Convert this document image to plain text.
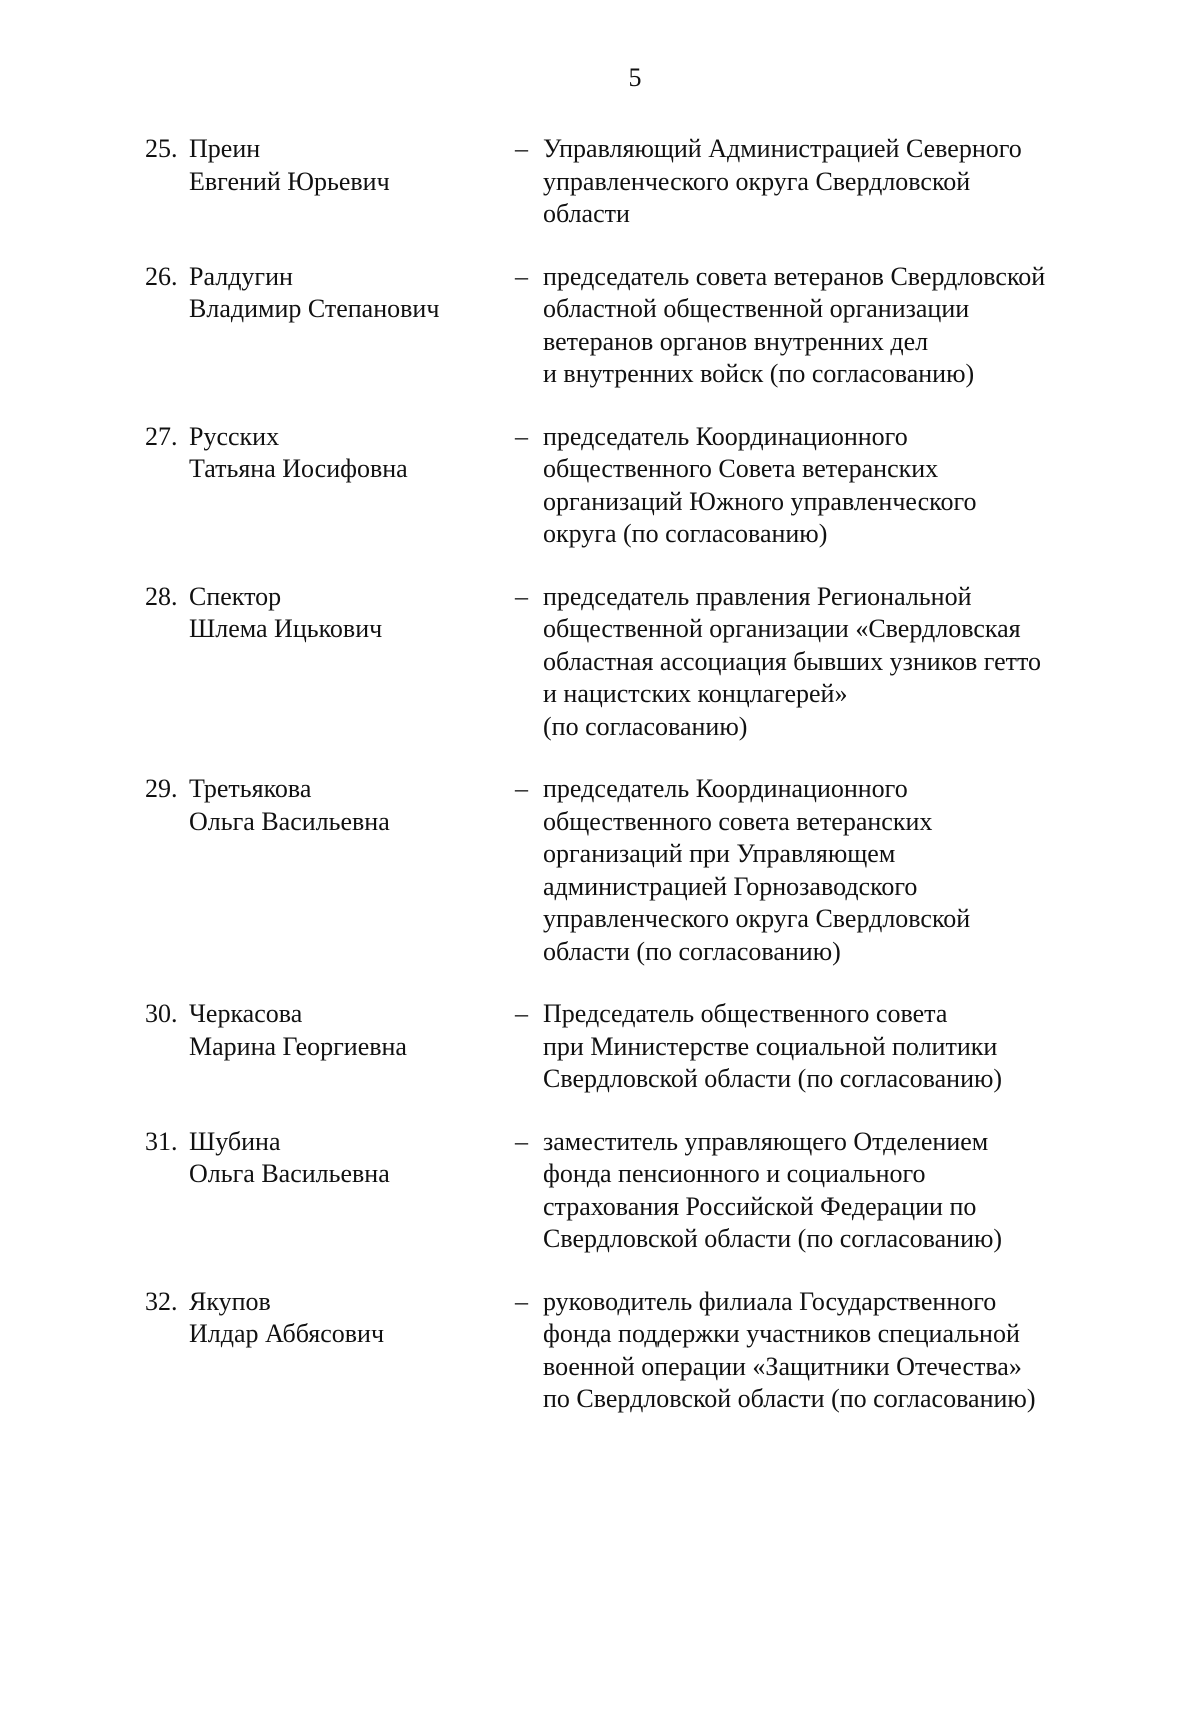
5
25. Преин
Евгений Юрьевич
– Управляющий Администрацией Северного
управленческого округа Свердловской
области
26. Ралдугин
Владимир Степанович
– председатель совета ветеранов Свердловской
областной общественной организации
ветеранов органов внутренних дел
и внутренних войск (по согласованию)
27. Русских
Татьяна Иосифовна
– председатель Координационного
общественного Совета ветеранских
организаций Южного управленческого
округа (по согласованию)
28. Спектор
Шлема Ицькович
– председатель правления Региональной
общественной организации «Свердловская
областная ассоциация бывших узников гетто
и нацистских концлагерей»
(по согласованию)
29. Третьякова
Ольга Васильевна
– председатель Координационного
общественного совета ветеранских
организаций при Управляющем
администрацией Горнозаводского
управленческого округа Свердловской
области (по согласованию)
30. Черкасова
Марина Георгиевна
– Председатель общественного совета
при Министерстве социальной политики
Свердловской области (по согласованию)
31. Шубина
Ольга Васильевна
– заместитель управляющего Отделением
фонда пенсионного и социального
страхования Российской Федерации по
Свердловской области (по согласованию)
32. Якупов
Илдар Аббясович
– руководитель филиала Государственного
фонда поддержки участников специальной
военной операции «Защитники Отечества»
по Свердловской области (по согласованию)
